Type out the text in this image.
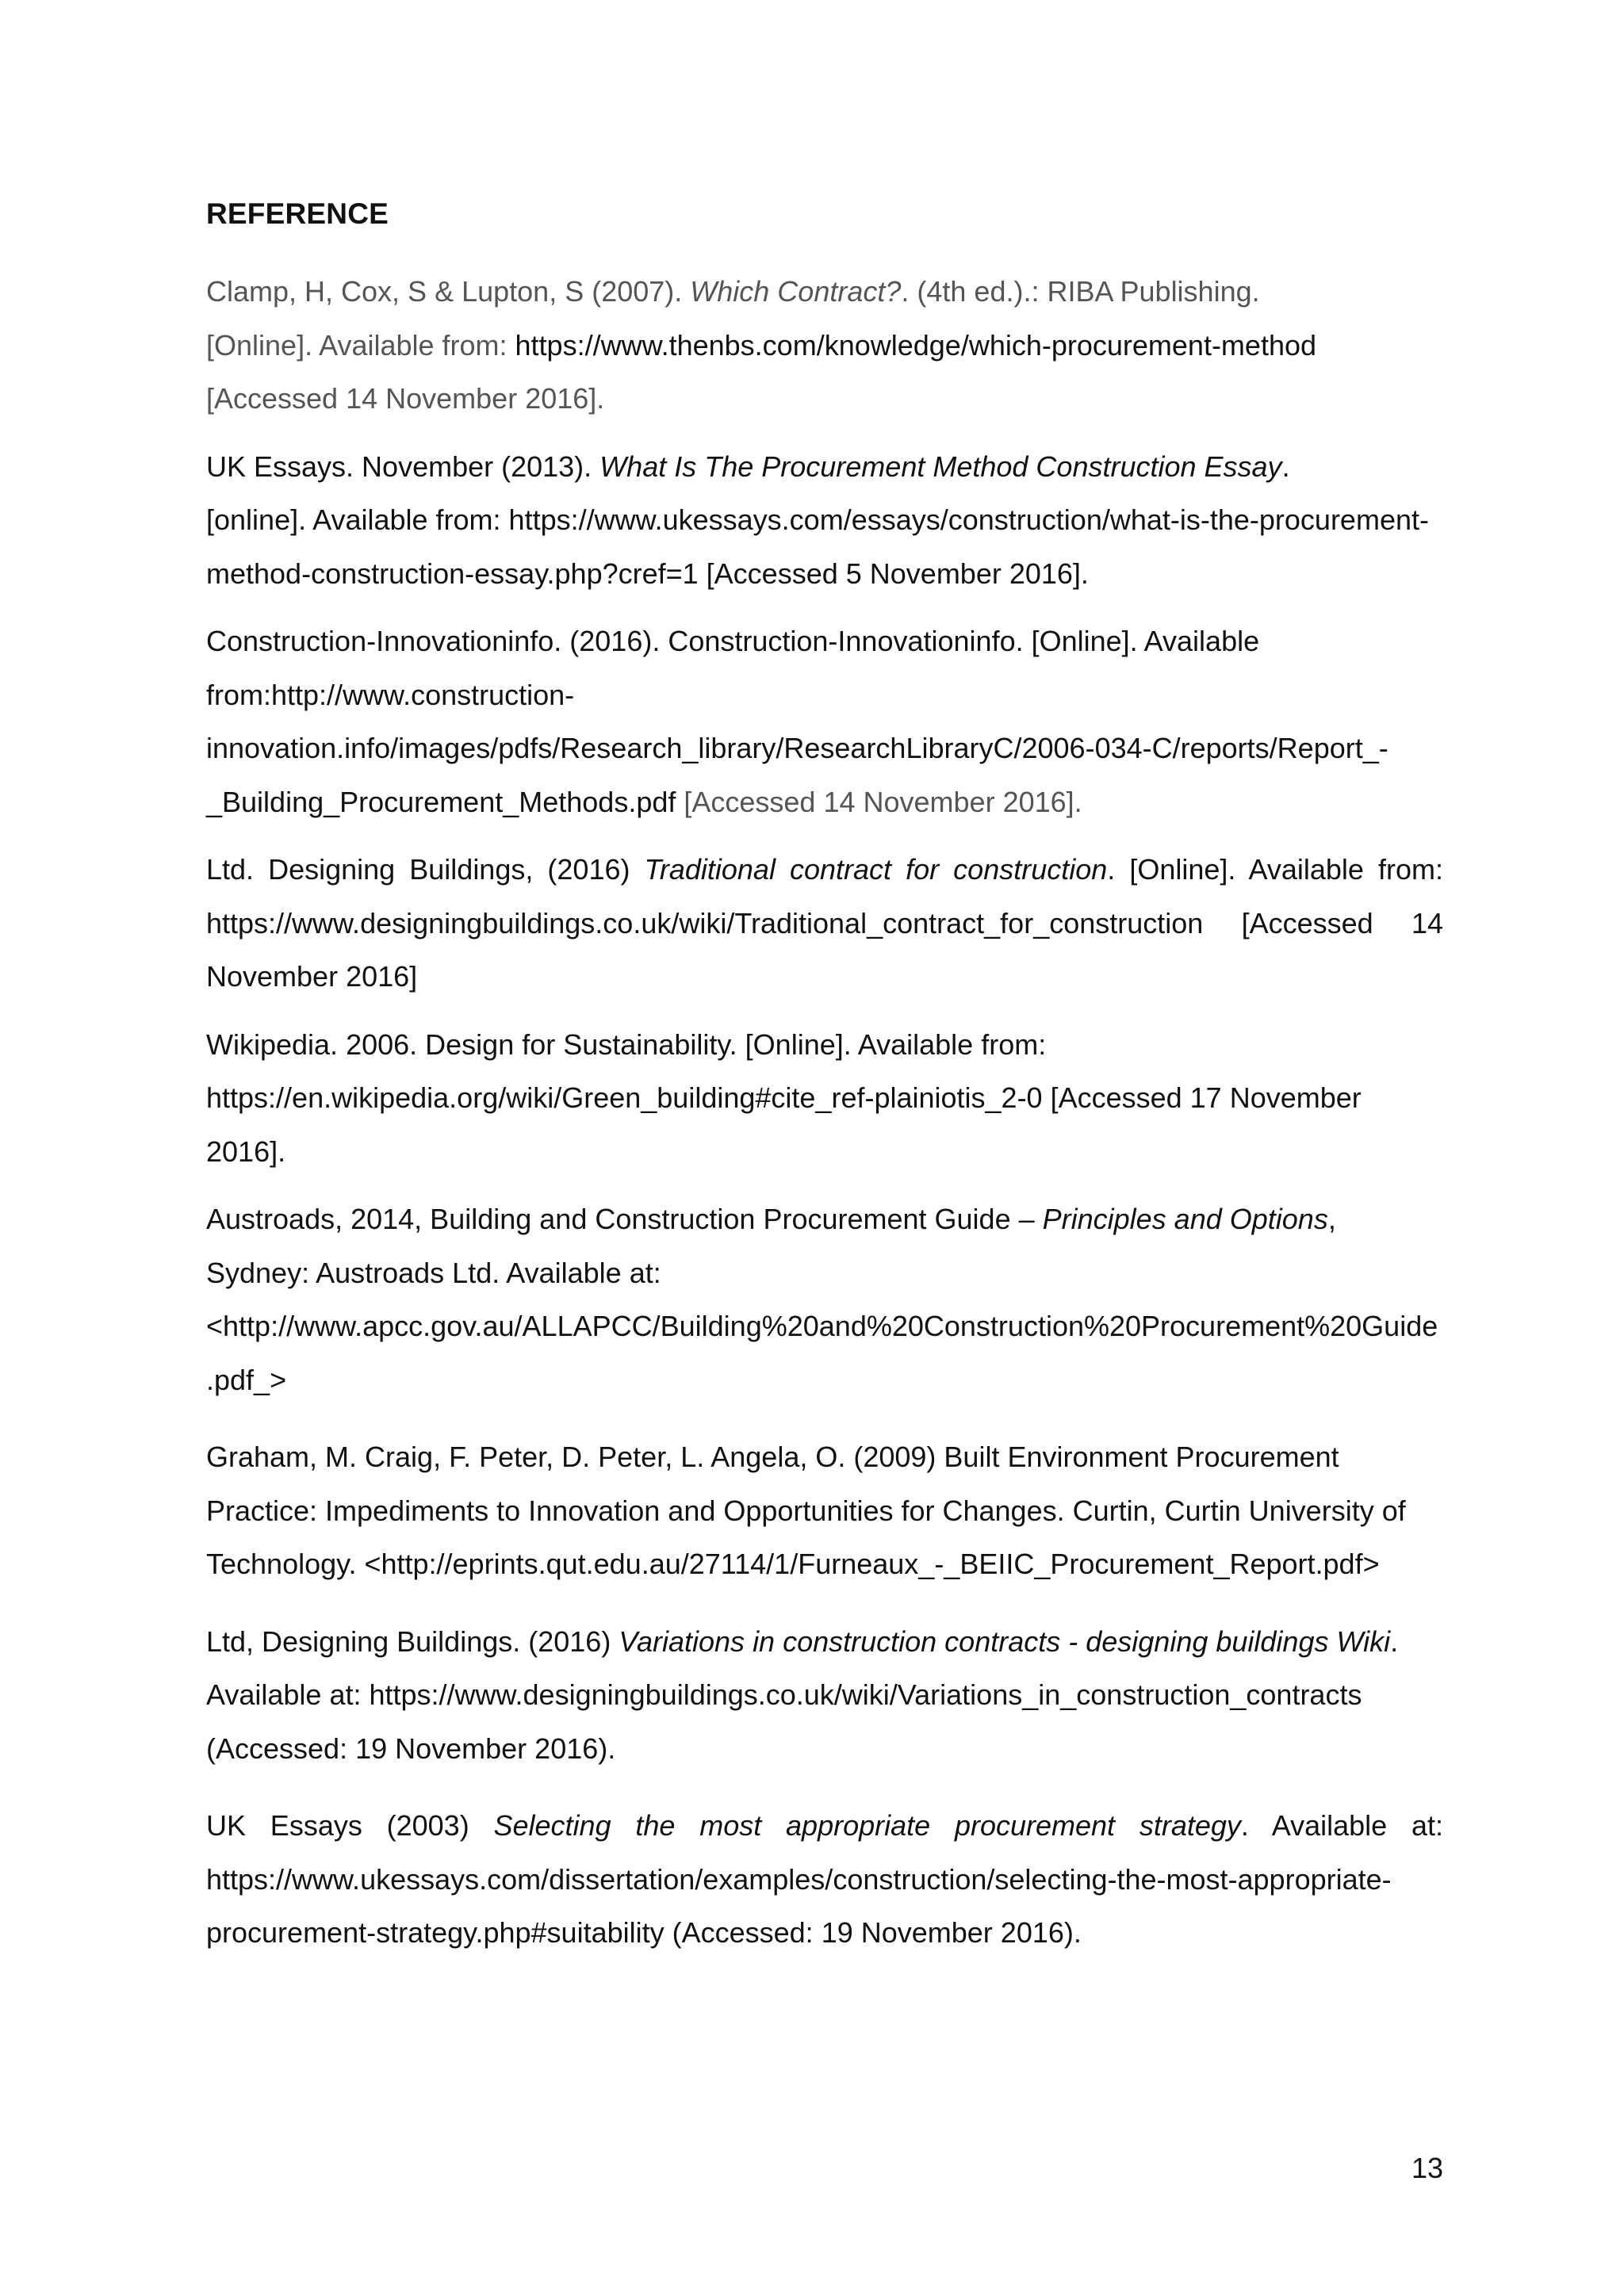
REFERENCE

Clamp, H, Cox, S & Lupton, S (2007). Which Contract?. (4th ed.).: RIBA Publishing.
[Online]. Available from: https://www.thenbs.com/knowledge/which-procurement-method
[Accessed 14 November 2016].

UK Essays. November (2013). What Is The Procurement Method Construction Essay.
[online]. Available from: https://www.ukessays.com/essays/construction/what-is-the-procurement-method-construction-essay.php?cref=1 [Accessed 5 November 2016].

Construction-Innovationinfo. (2016). Construction-Innovationinfo. [Online]. Available from:http://www.construction-innovation.info/images/pdfs/Research_library/ResearchLibraryC/2006-034-C/reports/Report_-_Building_Procurement_Methods.pdf [Accessed 14 November 2016].

Ltd. Designing Buildings, (2016) Traditional contract for construction. [Online]. Available from: https://www.designingbuildings.co.uk/wiki/Traditional_contract_for_construction [Accessed 14 November 2016]

Wikipedia. 2006. Design for Sustainability. [Online]. Available from: https://en.wikipedia.org/wiki/Green_building#cite_ref-plainiotis_2-0 [Accessed 17 November 2016].

Austroads, 2014, Building and Construction Procurement Guide – Principles and Options, Sydney: Austroads Ltd. Available at: <http://www.apcc.gov.au/ALLAPCC/Building%20and%20Construction%20Procurement%20Guide.pdf_>

Graham, M. Craig, F. Peter, D. Peter, L. Angela, O. (2009) Built Environment Procurement Practice: Impediments to Innovation and Opportunities for Changes. Curtin, Curtin University of Technology. <http://eprints.qut.edu.au/27114/1/Furneaux_-_BEIIC_Procurement_Report.pdf>

Ltd, Designing Buildings. (2016) Variations in construction contracts - designing buildings Wiki. Available at: https://www.designingbuildings.co.uk/wiki/Variations_in_construction_contracts (Accessed: 19 November 2016).

UK Essays (2003) Selecting the most appropriate procurement strategy. Available at: https://www.ukessays.com/dissertation/examples/construction/selecting-the-most-appropriate-procurement-strategy.php#suitability (Accessed: 19 November 2016).

13
